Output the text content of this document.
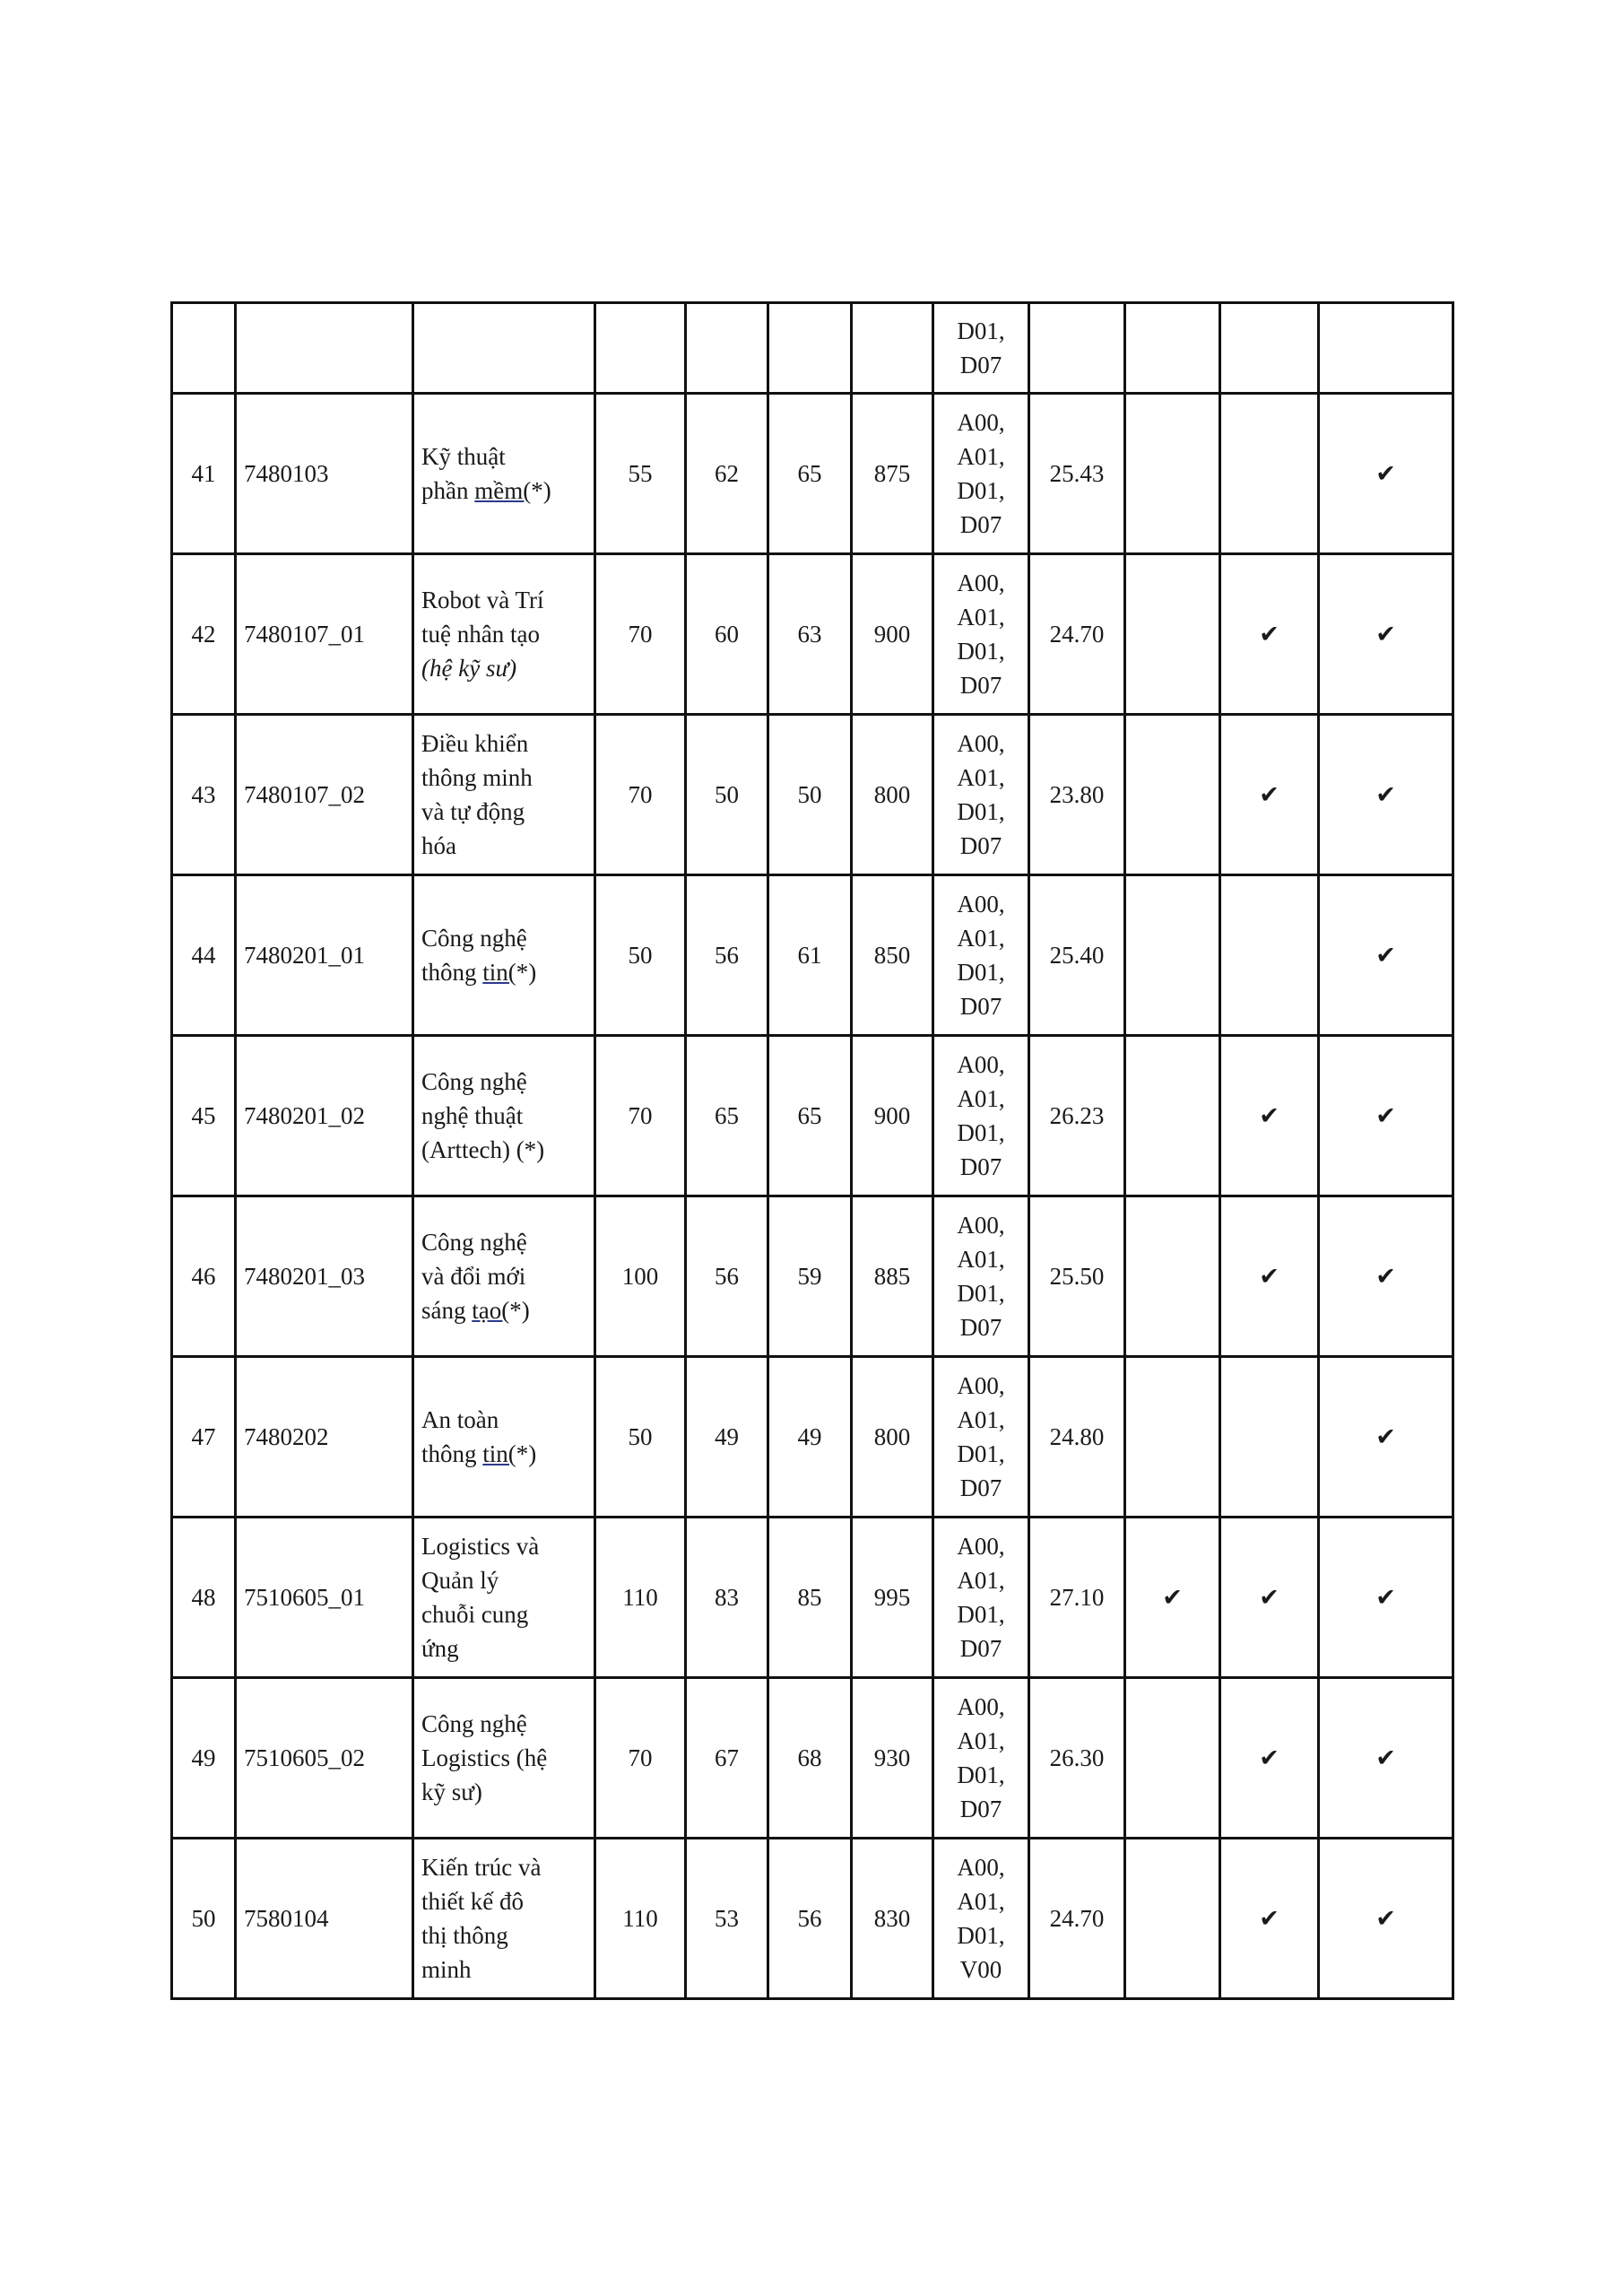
							D01,
D07				

41	7480103	Kỹ thuật
phần mềm(*)	55	62	65	875	A00,
A01,
D01,
D07	25.43			✔
42	7480107_01	Robot và Trí
tuệ nhân tạo
(hệ kỹ sư)	70	60	63	900	A00,
A01,
D01,
D07	24.70		✔	✔
43	7480107_02	Điều khiển
thông minh
và tự động
hóa	70	50	50	800	A00,
A01,
D01,
D07	23.80		✔	✔
44	7480201_01	Công nghệ
thông tin(*)	50	56	61	850	A00,
A01,
D01,
D07	25.40			✔
45	7480201_02	Công nghệ
nghệ thuật
(Arttech) (*)	70	65	65	900	A00,
A01,
D01,
D07	26.23		✔	✔
46	7480201_03	Công nghệ
và đổi mới
sáng tạo(*)	100	56	59	885	A00,
A01,
D01,
D07	25.50		✔	✔
47	7480202	An toàn
thông tin(*)	50	49	49	800	A00,
A01,
D01,
D07	24.80			✔
48	7510605_01	Logistics và
Quản lý
chuỗi cung
ứng	110	83	85	995	A00,
A01,
D01,
D07	27.10	✔	✔	✔
49	7510605_02	Công nghệ
Logistics (hệ
kỹ sư)	70	67	68	930	A00,
A01,
D01,
D07	26.30		✔	✔
50	7580104	Kiến trúc và
thiết kế đô
thị thông
minh	110	53	56	830	A00,
A01,
D01,
V00	24.70		✔	✔
